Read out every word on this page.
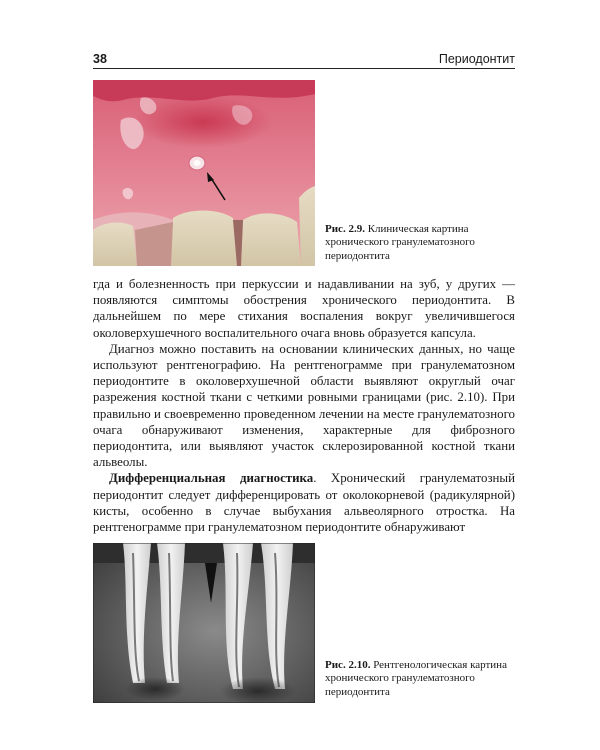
38	Периодонтит
Рис. 2.9. Клиническая картина хронического гранулематозного периодонтита

гда и болезненность при перкуссии и надавливании на зуб, у других — появляются симптомы обострения хронического периодонтита. В дальнейшем по мере стихания воспаления вокруг увеличившегося околоверхушечного воспалительного очага вновь образуется капсула.

Диагноз можно поставить на основании клинических данных, но чаще используют рентгенографию. На рентгенограмме при гранулематозном периодонтите в околоверхушечной области выявляют округлый очаг разрежения костной ткани с четкими ровными границами (рис. 2.10). При правильно и своевременно проведенном лечении на месте гранулематозного очага обнаруживают изменения, характерные для фиброзного периодонтита, или выявляют участок склерозированной костной ткани альвеолы.

Дифференциальная диагностика. Хронический гранулематозный периодонтит следует дифференцировать от околокорневой (радикулярной) кисты, особенно в случае выбухания альвеолярного отростка. На рентгенограмме при гранулематозном периодонтите обнаруживают

Рис. 2.10. Рентгенологическая картина хронического гранулематозного периодонтита
